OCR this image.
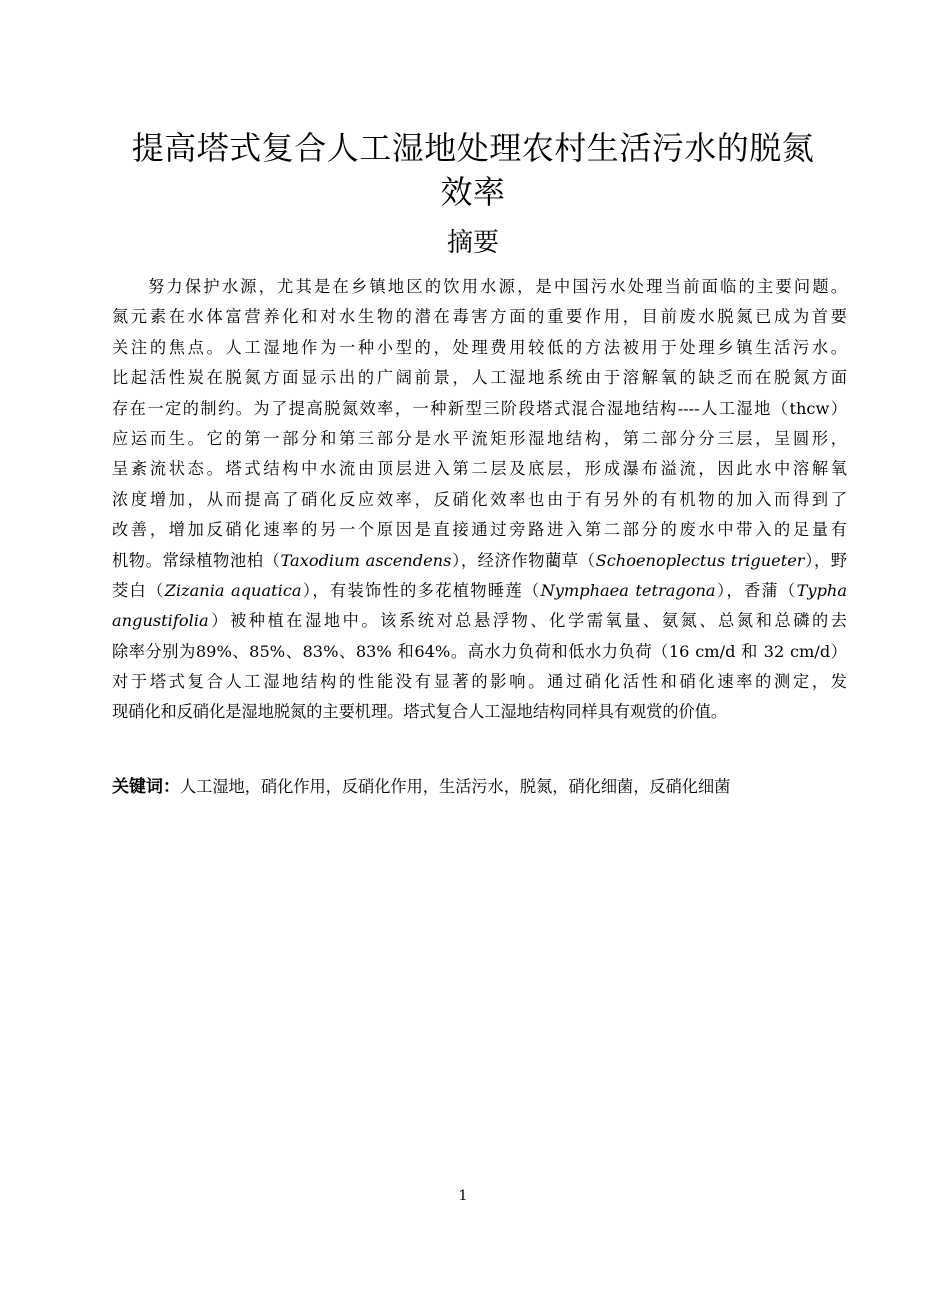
提高塔式复合人工湿地处理农村生活污水的脱氮
效率
摘要
努力保护水源，尤其是在乡镇地区的饮用水源，是中国污水处理当前面临的主要问题。
氮元素在水体富营养化和对水生物的潜在毒害方面的重要作用，目前废水脱氮已成为首要
关注的焦点。人工湿地作为一种小型的，处理费用较低的方法被用于处理乡镇生活污水。
比起活性炭在脱氮方面显示出的广阔前景，人工湿地系统由于溶解氧的缺乏而在脱氮方面
存在一定的制约。为了提高脱氮效率，一种新型三阶段塔式混合湿地结构----人工湿地（thcw）
应运而生。它的第一部分和第三部分是水平流矩形湿地结构，第二部分分三层，呈圆形，
呈紊流状态。塔式结构中水流由顶层进入第二层及底层，形成瀑布溢流，因此水中溶解氧
浓度增加，从而提高了硝化反应效率，反硝化效率也由于有另外的有机物的加入而得到了
改善，增加反硝化速率的另一个原因是直接通过旁路进入第二部分的废水中带入的足量有
机物。常绿植物池柏（Taxodium ascendens），经济作物藺草（Schoenoplectus trigueter），野
茭白（Zizania aquatica），有装饰性的多花植物睡莲（Nymphaea tetragona），香蒲（Typha
angustifolia）被种植在湿地中。该系统对总悬浮物、化学需氧量、氨氮、总氮和总磷的去
除率分别为89%、85%、83%、83% 和64%。高水力负荷和低水力负荷（16 cm/d 和 32 cm/d）
对于塔式复合人工湿地结构的性能没有显著的影响。通过硝化活性和硝化速率的测定，发
现硝化和反硝化是湿地脱氮的主要机理。塔式复合人工湿地结构同样具有观赏的价值。
关键词：人工湿地，硝化作用，反硝化作用，生活污水，脱氮，硝化细菌，反硝化细菌
1
